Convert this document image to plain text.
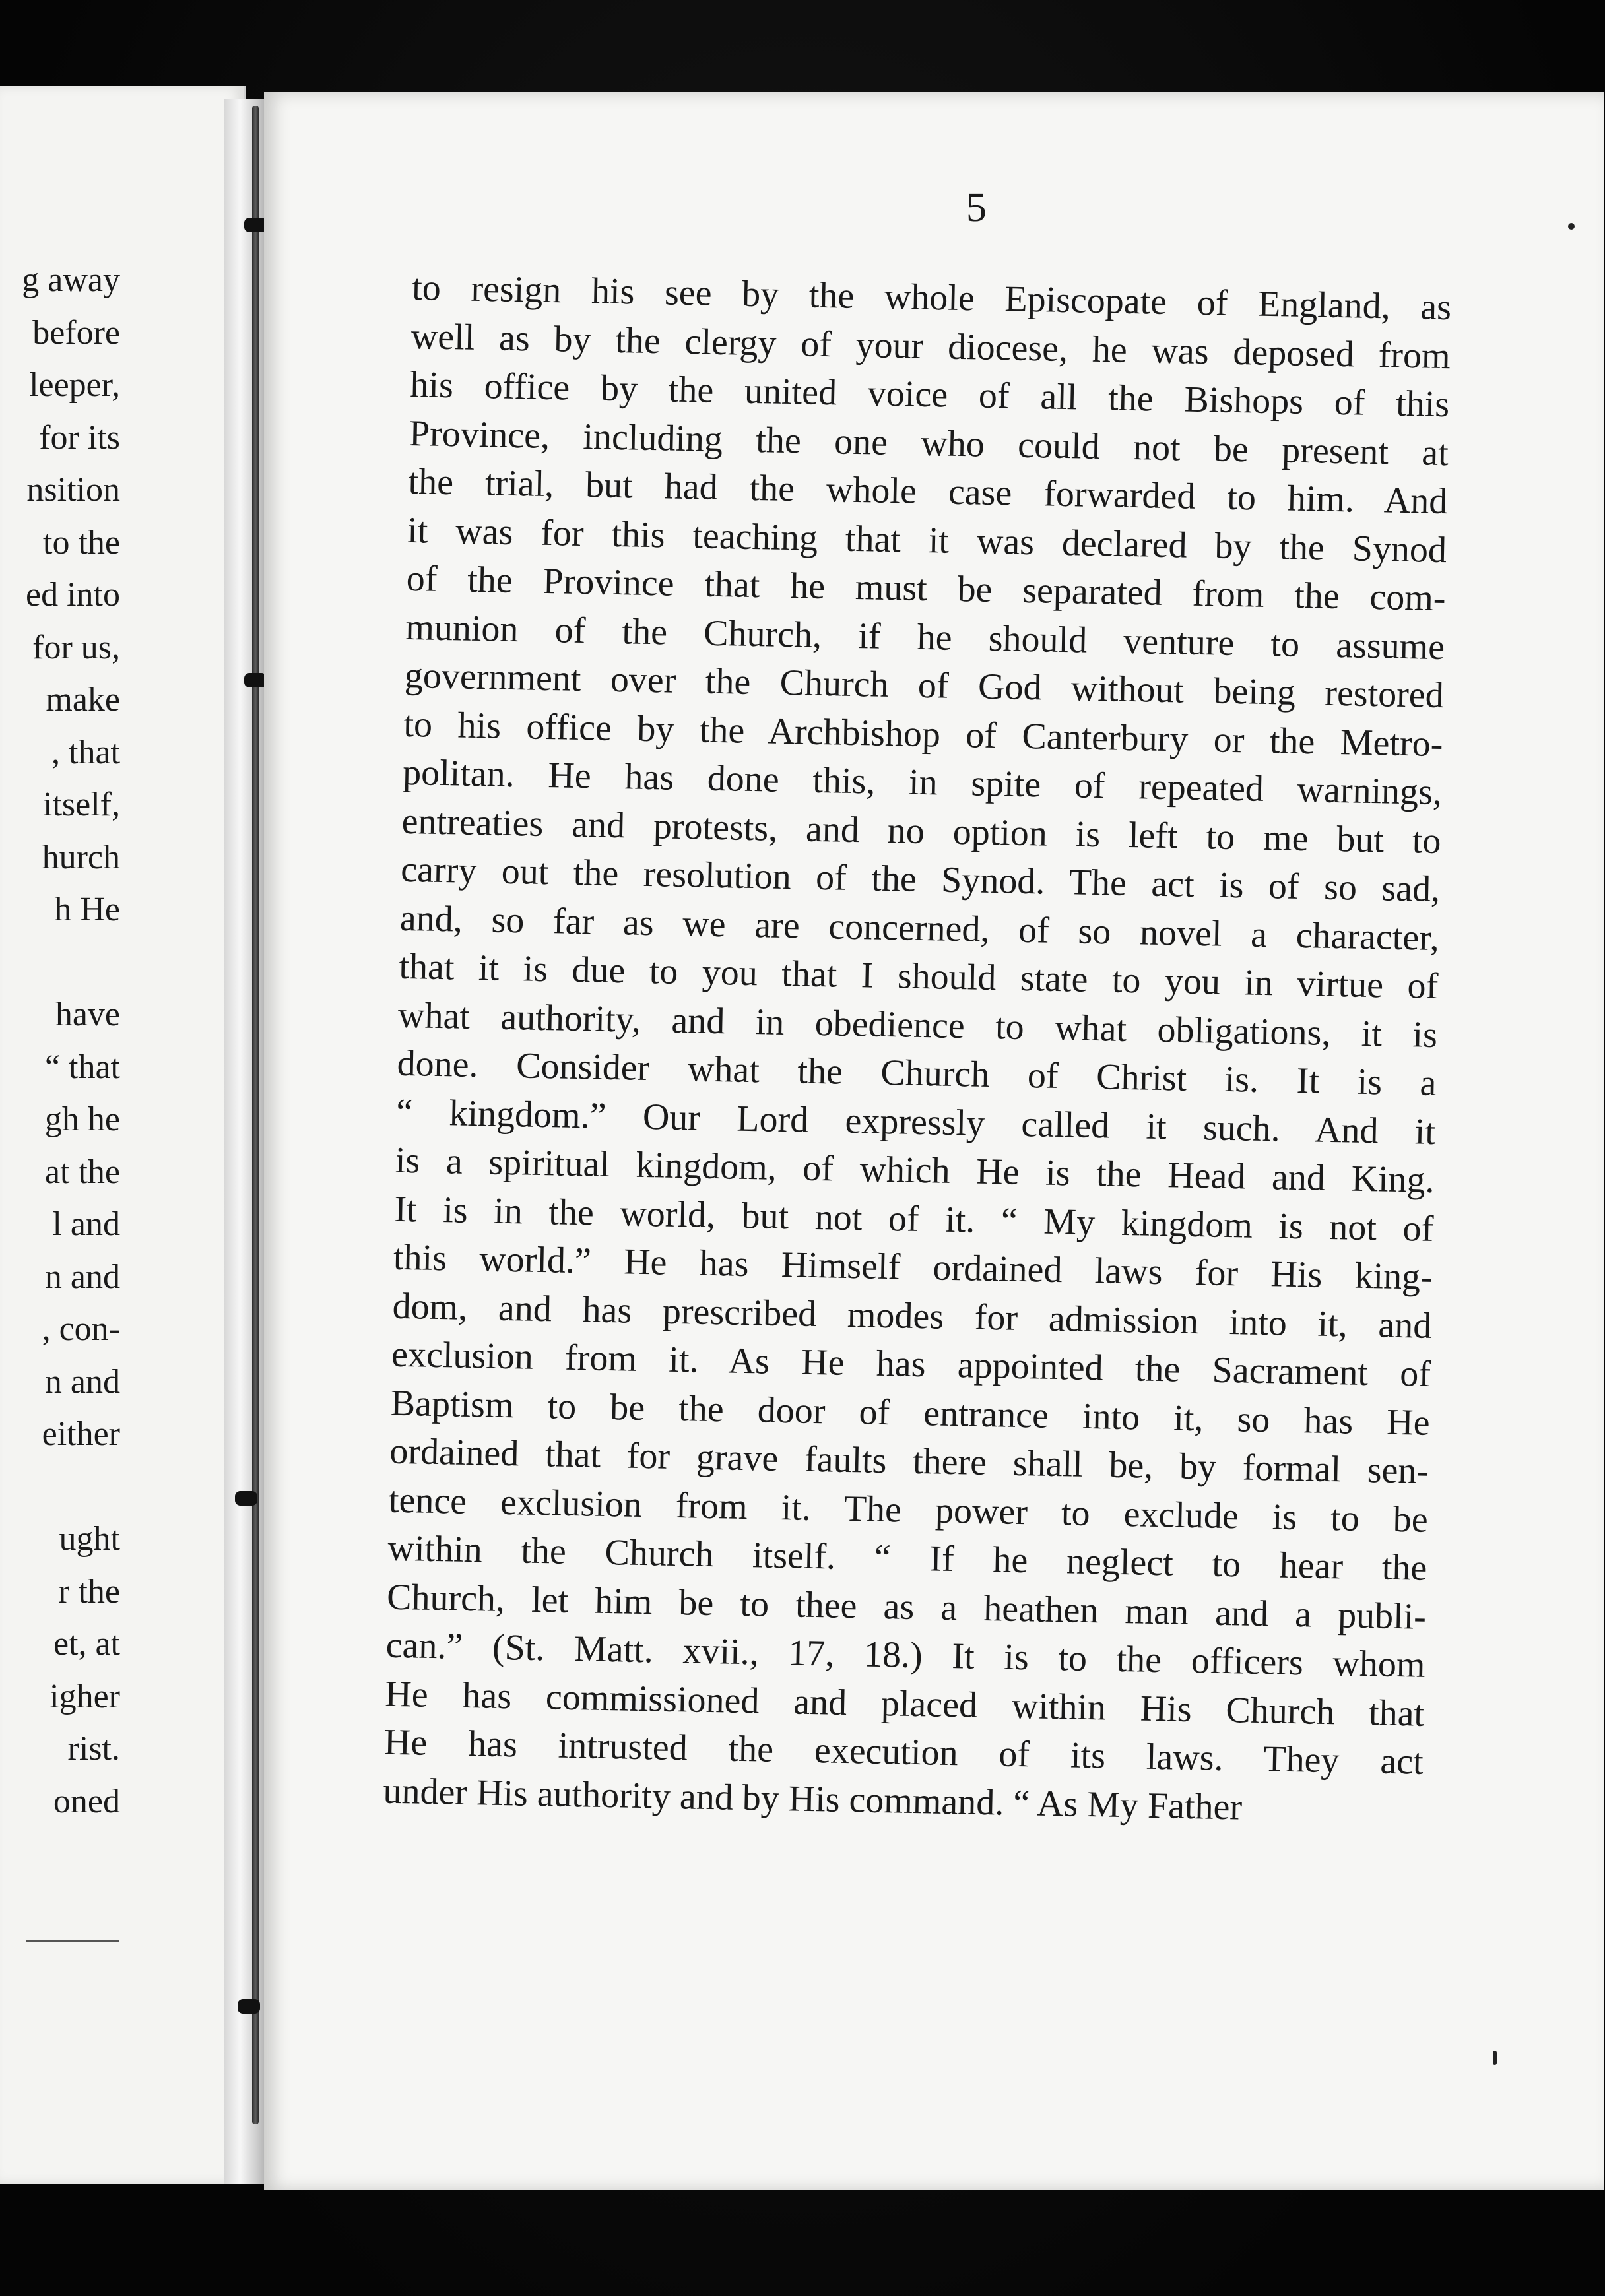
g away
before
leeper,
for its
nsition
to the
ed into
for us,
make
, that
itself,
hurch
h He
have
“ that
gh he
at the
l and
n and
, con-
n and
either
ught
r the
et, at
igher
rist.
oned
5
to resign his see by the whole Episcopate of England, as
well as by the clergy of your diocese, he was deposed from
his office by the united voice of all the Bishops of this
Province, including the one who could not be present at
the trial, but had the whole case forwarded to him. And
it was for this teaching that it was declared by the Synod
of the Province that he must be separated from the com-
munion of the Church, if he should venture to assume
government over the Church of God without being restored
to his office by the Archbishop of Canterbury or the Metro-
politan. He has done this, in spite of repeated warnings,
entreaties and protests, and no option is left to me but to
carry out the resolution of the Synod. The act is of so sad,
and, so far as we are concerned, of so novel a character,
that it is due to you that I should state to you in virtue of
what authority, and in obedience to what obligations, it is
done. Consider what the Church of Christ is. It is a
“ kingdom.” Our Lord expressly called it such. And it
is a spiritual kingdom, of which He is the Head and King.
It is in the world, but not of it. “ My kingdom is not of
this world.” He has Himself ordained laws for His king-
dom, and has prescribed modes for admission into it, and
exclusion from it. As He has appointed the Sacrament of
Baptism to be the door of entrance into it, so has He
ordained that for grave faults there shall be, by formal sen-
tence exclusion from it. The power to exclude is to be
within the Church itself. “ If he neglect to hear the
Church, let him be to thee as a heathen man and a publi-
can.” (St. Matt. xvii., 17, 18.) It is to the officers whom
He has commissioned and placed within His Church that
He has intrusted the execution of its laws. They act
under His authority and by His command. “ As My Father
